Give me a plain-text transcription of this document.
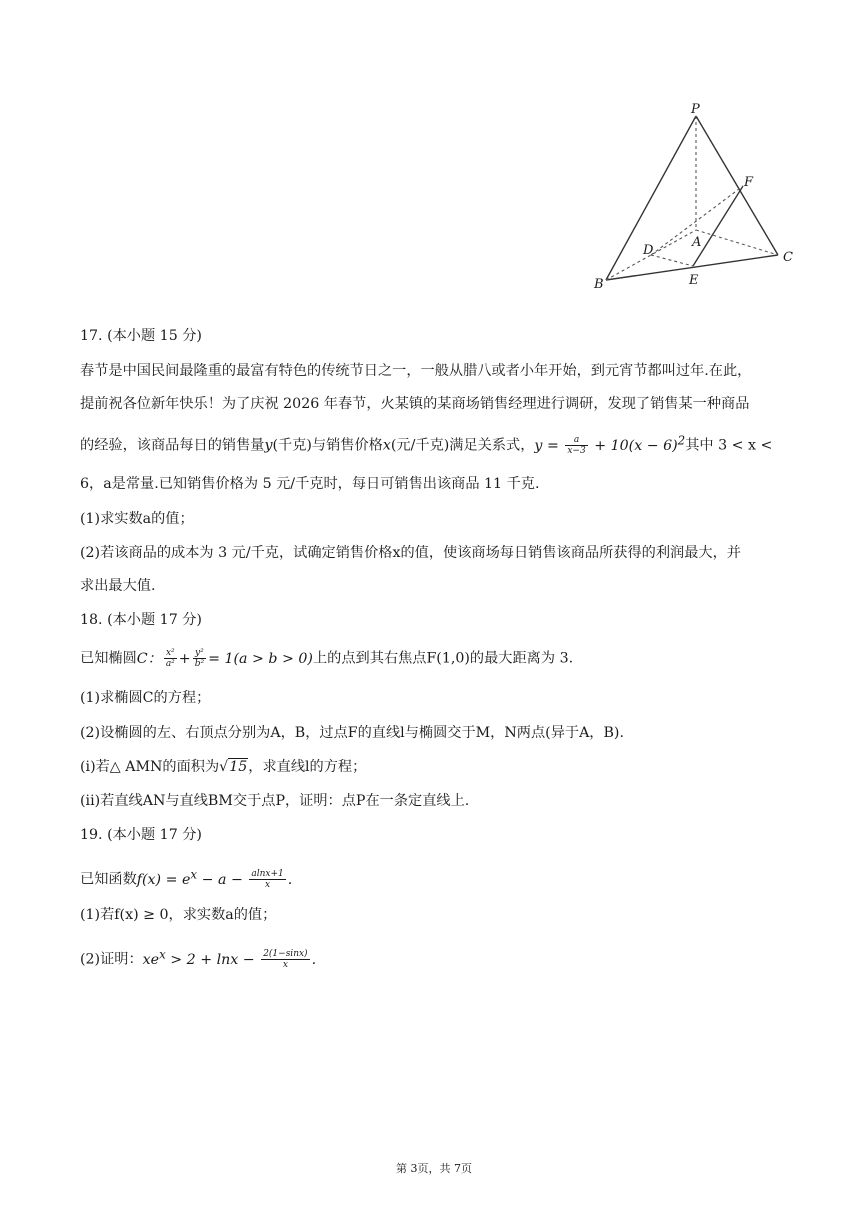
P
F
D
A
C
B	E
17. (本小题 15 分)
春节是中国民间最隆重的最富有特色的传统节日之一，一般从腊八或者小年开始，到元宵节都叫过年.在此，
提前祝各位新年快乐！为了庆祝 2026 年春节，火某镇的某商场销售经理进行调研，发现了销售某一种商品
的经验，该商品每日的销售量y(千克)与销售价格x(元/千克)满足关系式，$y = \frac{a}{x-3} + 10(x - 6)^2$其中 3 < x <
6，a是常量.已知销售价格为 5 元/千克时，每日可销售出该商品 11 千克.
(1)求实数a的值；
(2)若该商品的成本为 3 元/千克，试确定销售价格x的值，使该商场每日销售该商品所获得的利润最大，并
求出最大值.
18. (本小题 17 分)
已知椭圆C： $\frac{\text{x²}}{\text{a²}} + \frac{\text{y²}}{\text{b²}} = 1(a > b > 0)$上的点到其右焦点F(1,0)的最大距离为 3.
(1)求椭圆C的方程；
(2)设椭圆的左、右顶点分别为A，B，过点F的直线l与椭圆交于M，N两点(异于A，B).
(i)若△ AMN的面积为√15，求直线l的方程；
(ii)若直线AN与直线BM交于点P，证明：点P在一条定直线上.
19. (本小题 17 分)
已知函数$f(x) = e^x - a - \frac{alnx+1}{x}$ .
(1)若f(x) ≥ 0，求实数a的值；
(2)证明：$xe^x > 2 + \ln x - \frac{2(1-\sin x)}{x}$ .
第 3页，共 7页
